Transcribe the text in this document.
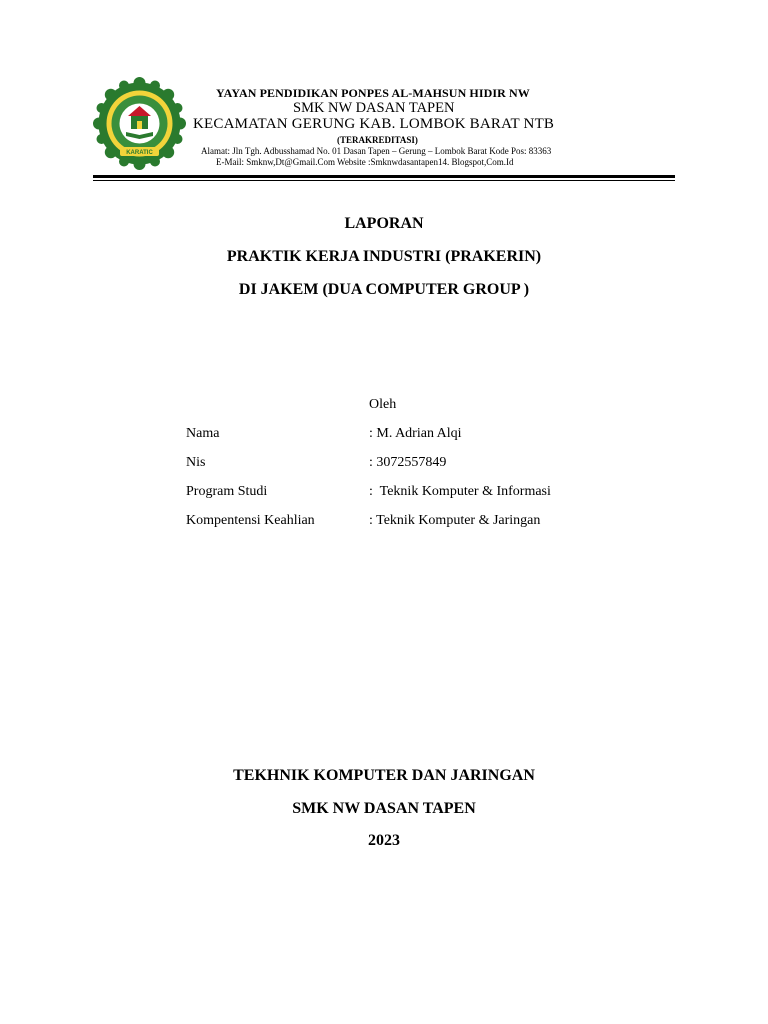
KARATIC
YAYAN PENDIDIKAN PONPES AL-MAHSUN HIDIR NW
SMK NW DASAN TAPEN
KECAMATAN GERUNG KAB. LOMBOK BARAT NTB
(TERAKREDITASI)
Alamat: Jln Tgh. Adbusshamad No. 01 Dasan Tapen – Gerung – Lombok Barat Kode Pos: 83363
E-Mail: Smknw,Dt@Gmail.Com Website :Smknwdasantapen14. Blogspot,Com.Id
LAPORAN
PRAKTIK KERJA INDUSTRI (PRAKERIN)
DI JAKEM (DUA COMPUTER GROUP )
Oleh
Nama	: M. Adrian Alqi
Nis	: 3072557849
Program Studi	:  Teknik Komputer & Informasi
Kompentensi Keahlian	: Teknik Komputer & Jaringan
TEKHNIK KOMPUTER DAN JARINGAN
SMK NW DASAN TAPEN
2023
